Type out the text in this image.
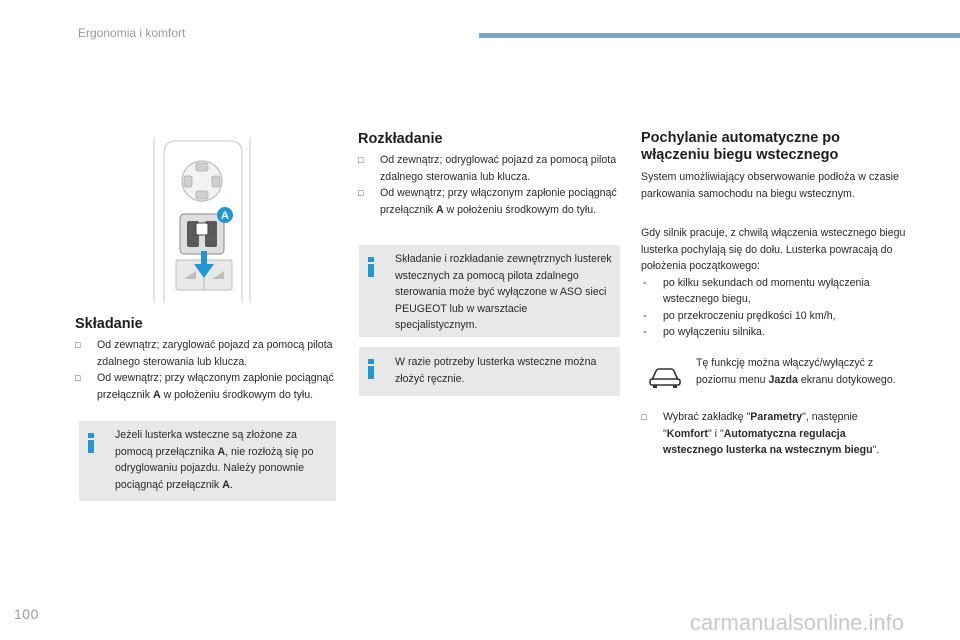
Ergonomia i komfort
A
Składanie
□ Od zewnątrz; zaryglować pojazd za pomocą pilota zdalnego sterowania lub klucza.
□ Od wewnątrz; przy włączonym zapłonie pociągnąć przełącznik A w położeniu środkowym do tyłu.
Jeżeli lusterka wsteczne są złożone za pomocą przełącznika A, nie rozłożą się po odryglowaniu pojazdu. Należy ponownie pociągnąć przełącznik A.
Rozkładanie
□ Od zewnątrz; odryglować pojazd za pomocą pilota zdalnego sterowania lub klucza.
□ Od wewnątrz; przy włączonym zapłonie pociągnąć przełącznik A w położeniu środkowym do tyłu.
Składanie i rozkładanie zewnętrznych lusterek wstecznych za pomocą pilota zdalnego sterowania może być wyłączone w ASO sieci PEUGEOT lub w warsztacie specjalistycznym.
W razie potrzeby lusterka wsteczne można złożyć ręcznie.
Pochylanie automatyczne po włączeniu biegu wstecznego
System umożliwiający obserwowanie podłoża w czasie parkowania samochodu na biegu wstecznym.
Gdy silnik pracuje, z chwilą włączenia wstecznego biegu lusterka pochylają się do dołu. Lusterka powracają do położenia początkowego:
- po kilku sekundach od momentu wyłączenia wstecznego biegu,
- po przekroczeniu prędkości 10 km/h,
- po wyłączeniu silnika.
Tę funkcję można włączyć/wyłączyć z poziomu menu Jazda ekranu dotykowego.
□ Wybrać zakładkę "Parametry", następnie "Komfort" i "Automatyczna regulacja wstecznego lusterka na wstecznym biegu".
100	carmanualsonline.info
